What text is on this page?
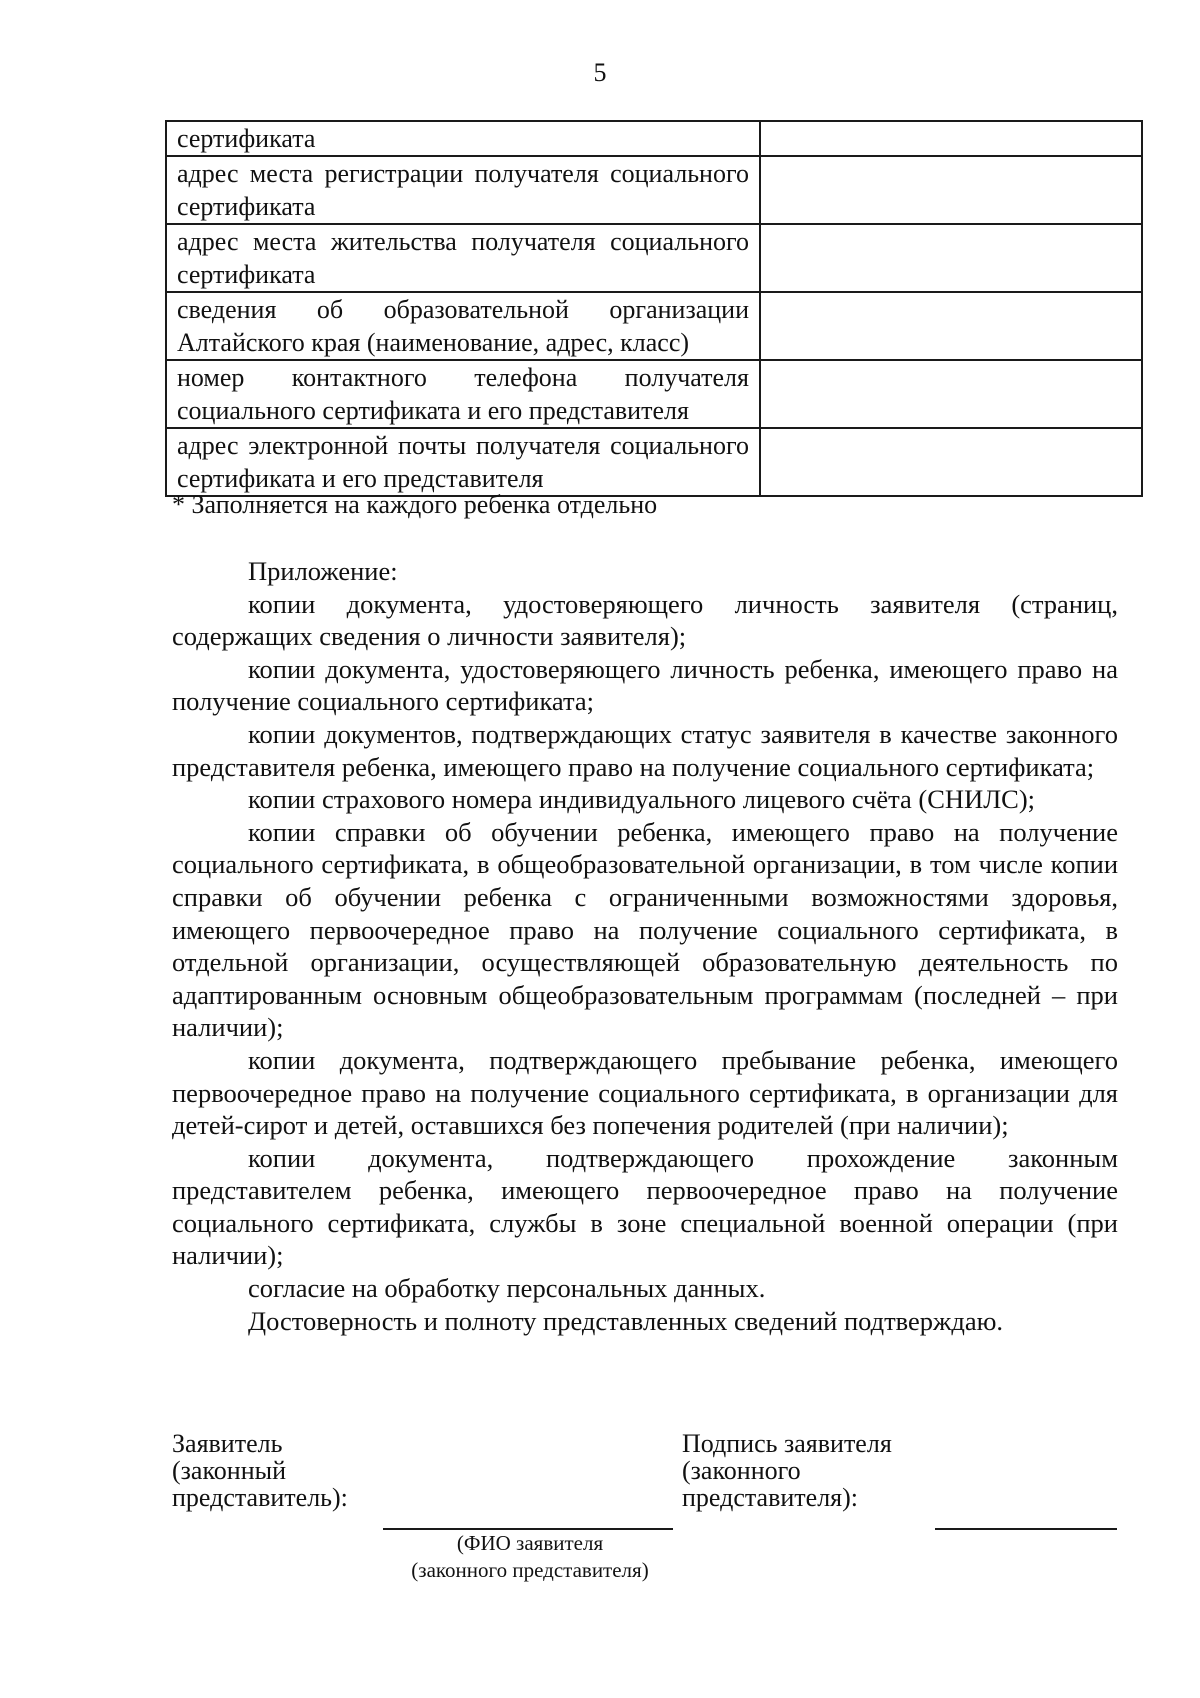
5
сертификата	
адрес места регистрации получателя социального сертификата	
адрес места жительства получателя социального сертификата	
сведения об образовательной организации Алтайского края (наименование, адрес, класс)	
номер контактного телефона получателя социального сертификата и его представителя	
адрес электронной почты получателя социального сертификата и его представителя	
* Заполняется на каждого ребенка отдельно

Приложение:

копии документа, удостоверяющего личность заявителя (страниц, содержащих сведения о личности заявителя);

копии документа, удостоверяющего личность ребенка, имеющего право на получение социального сертификата;

копии документов, подтверждающих статус заявителя в качестве законного представителя ребенка, имеющего право на получение социального сертификата;

копии страхового номера индивидуального лицевого счёта (СНИЛС);

копии справки об обучении ребенка, имеющего право на получение социального сертификата, в общеобразовательной организации, в том числе копии справки об обучении ребенка с ограниченными возможностями здоровья, имеющего первоочередное право на получение социального сертификата, в отдельной организации, осуществляющей образовательную деятельность по адаптированным основным общеобразовательным программам (последней – при наличии);

копии документа, подтверждающего пребывание ребенка, имеющего первоочередное право на получение социального сертификата, в организации для детей-сирот и детей, оставшихся без попечения родителей (при наличии);

копии документа, подтверждающего прохождение законным представителем ребенка, имеющего первоочередное право на получение социального сертификата, службы в зоне специальной военной операции (при наличии);

согласие на обработку персональных данных.

Достоверность и полноту представленных сведений подтверждаю.

Заявитель
(законный
представитель):
Подпись заявителя
(законного
представителя):
(ФИО заявителя
(законного представителя)
